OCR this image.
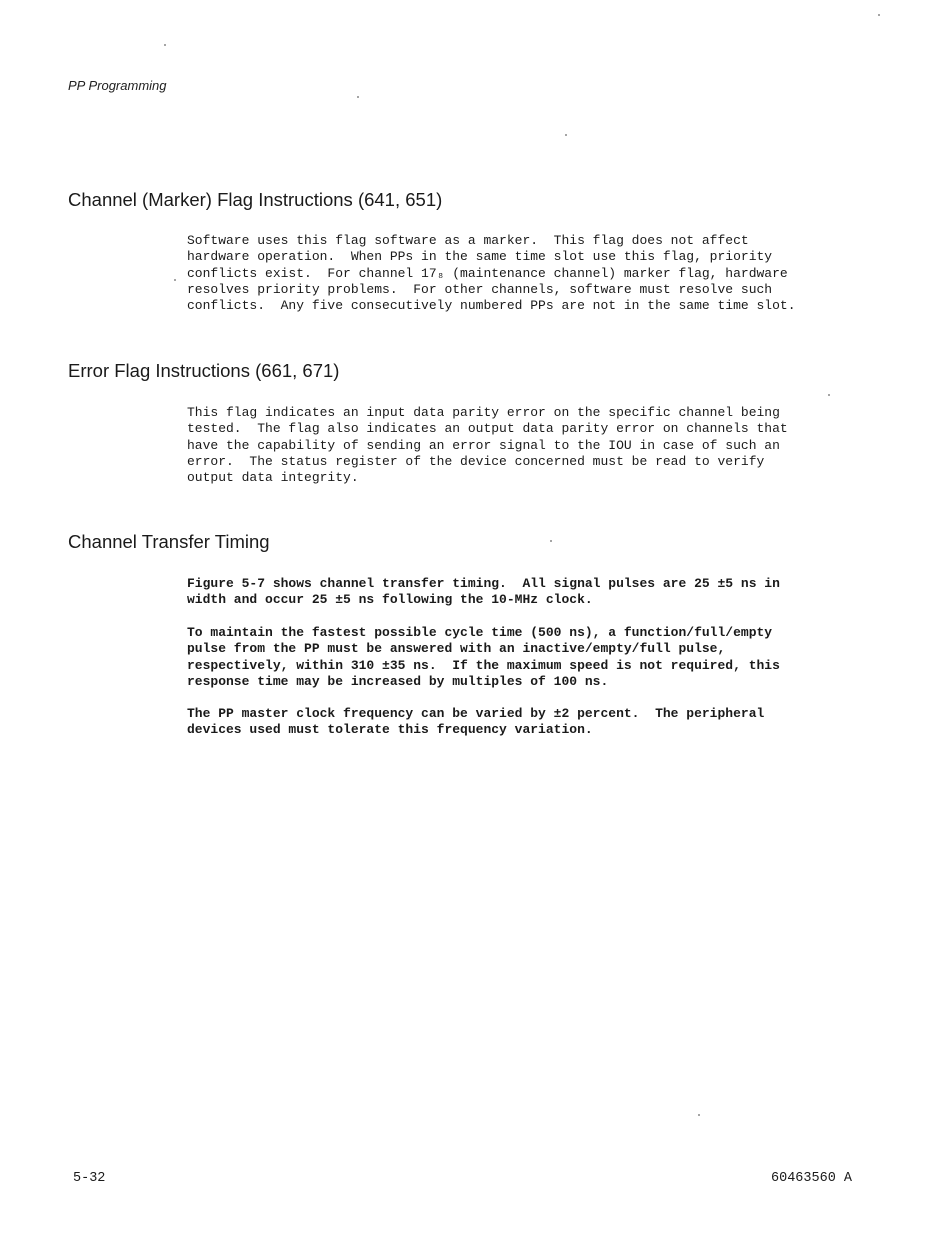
PP Programming
Channel (Marker) Flag Instructions (641, 651)
Software uses this flag software as a marker.  This flag does not affect
hardware operation.  When PPs in the same time slot use this flag, priority
conflicts exist.  For channel 17₈ (maintenance channel) marker flag, hardware
resolves priority problems.  For other channels, software must resolve such
conflicts.  Any five consecutively numbered PPs are not in the same time slot.
Error Flag Instructions (661, 671)
This flag indicates an input data parity error on the specific channel being
tested.  The flag also indicates an output data parity error on channels that
have the capability of sending an error signal to the IOU in case of such an
error.  The status register of the device concerned must be read to verify
output data integrity.
Channel Transfer Timing
Figure 5-7 shows channel transfer timing.  All signal pulses are 25 ±5 ns in
width and occur 25 ±5 ns following the 10-MHz clock.
To maintain the fastest possible cycle time (500 ns), a function/full/empty
pulse from the PP must be answered with an inactive/empty/full pulse,
respectively, within 310 ±35 ns.  If the maximum speed is not required, this
response time may be increased by multiples of 100 ns.
The PP master clock frequency can be varied by ±2 percent.  The peripheral
devices used must tolerate this frequency variation.
5-32	60463560 A
